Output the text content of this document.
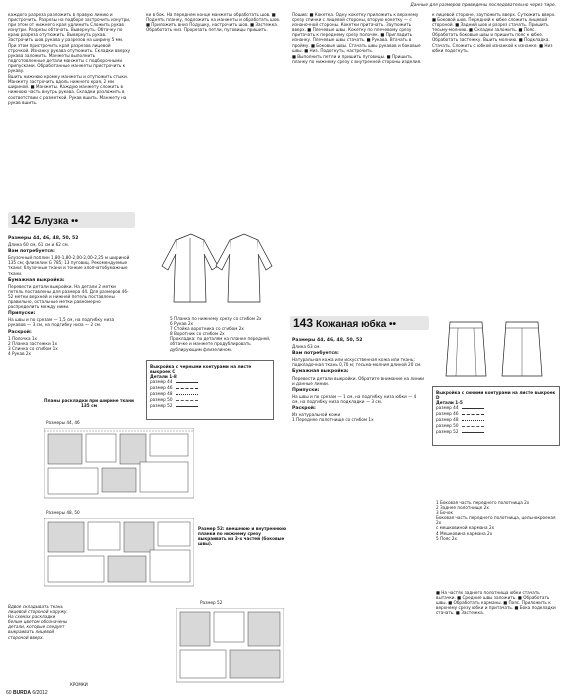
Данные для размеров приведены последовательно через тире.

каждого разреза разложить в правую линию и пристрочить. Разрезы на подборе застрочить изнутри, при этом от нижнего края удлинить Сложить рукав изнутри. Разрезы обтачать. Вывернуть. Обтачку по краю разреза отутюжить. Вывернуть рукав. Застрочить шов рукава у разрезов на ширину 5 мм. При этом пристрочить края разрезов лицевой строчкой. Изнанку рукава отутюжить. Складки вверху рукава заложить. Манжеты выполнить подготовленные детали манжеты с подборочными припусками. Обработанные манжеты пристрочить к рукаву.

Вшить нижнюю кромку манжеты и отутюжить стыки. Манжету застрочить вдоль нижнего края, 2 мм шириной. ■ Манжеты. Каждую манжету сложить в нижнюю часть внутрь рукава. Складки разложить в соответствии с разметкой. Рукав вшить. Манжету на рукав вшить.

142 Блузка ••
Размеры 44, 46, 48, 50, 52

Длина 60 см, 61 см и 62 см.

Вам потребуется:

Блузочный поплин 1,80-1,80-2,00-2,00-2,25 м шириной 135 см; флизелин G 785; 13 пуговиц. Рекомендуемые ткани: блузочные ткани и тонкие хлопчатобумажные ткани.

Бумажная выкройка:

Перевести детали выкройки. На детали 2 метки петель поставлены для размера 44. Для размеров 46-52 метки верхней и нижней петель поставлены правильно, остальные метки равномерно распределить между ними.

Припуски:

На швы и по срезам — 1,5 см, на подгибку низа рукавов — 3 см, на подгибку низа — 2 см.

Раскрой:
1 Полочка 1x
2 Планка застежки 1x
3 Спинка со сгибом 1x
4 Рукав 2x
Планы раскладки при ширине ткани 135 см
Размеры 44, 46
Размеры 48, 50
Вдвое складывать ткань лицевой стороной наружу. На схемах раскладки белым цветом обозначены детали, которые следует выкраивать лицевой стороной вверх.
Размер 52
КРОМКИ

ки в бок. На переднем конце манжеты обработать шов. ■ Поднять планку, подложить на манжеты и обработать шов. ■ Приложить вниз Подушку, настрочить шов. ■ Застежка. Обработать низ. Прорезать петли, пуговицы пришить.

5 Планка по нижнему срезу со сгибом 2x
6 Рукав 2x
7 Стойка воротника со сгибом 2x
8 Воротник со сгибом 2x

Прокладка: по деталям на планке передней, обтачке и манжете продублировать дублирующим флизелином.

Выкройка с черными контурами на листе выкроек C
Детали 1-8
размер 44
размер 46
размер 48
размер 50
размер 52
Размер 52: внешнюю и внутреннюю планки по нижнему срезу выкраивать из 3-х частей (боковые швы).

Пошив: ■ Кокетка. Одну кокетку приложить к верхнему срезу спинки с лицевой стороны, вторую кокетку — с изнаночной стороны. Кокетки притачать. Заутюжить вверх. ■ Плечевые швы. Кокетку по плечевому срезу притачать к переднему срезу полочек. ■ Пригладить изнанку. Плечевые швы стачать. ■ Рукава. Втачать в пройму. ■ Боковые швы. Стачать швы рукавов и боковые швы. ■ Низ. Подогнуть, настрочить.

■ Выполнить петли и пришить пуговицы. ■ Пришить планку по нижнему срезу с внутренней стороны изделия.

143 Кожаная юбка ••
Размеры 44, 46, 48, 50, 52

Длина 63 см.

Вам потребуется:

Натуральная кожа или искусственная кожа или ткань; подкладочная ткань 0,70 м; тесьма-молния длиной 20 см.

Бумажная выкройка:

Перевести детали выкройки. Обратите внимание на линии и данные линии.

Припуски:

На швы и по срезам — 1 см, на подгибку низа юбки — 4 см, на подгибку низа подкладки — 3 см.

Раскрой:
Из натуральной кожи
1 Переднее полотнище со сгибом 1x

к лицевой стороне, заутюжить вверх. Сутюжить вверх. ■ Боковой шов. Передний к юбке сложить лицевой стороной. ■ Задний шов и разрез стачать. Пришить тесьму-молнию. ■ Складки заложить. ■ Пояс. Обработать боковые швы и пришить пояс к юбке. Обработать застежку. Вшить молнию. ■ Подкладка. Стачать. Сложить с юбкой изнанкой к изнанке. ■ Низ юбки подогнуть.

Выкройка с синими контурами на листе выкроек D
Детали 1-5
размер 44
размер 46
размер 48
размер 50
размер 52
1 Боковая часть переднего полотнища 2x
2 Заднее полотнище 2x
3 Бочок
Боковая часть переднего полотнища, цельнокроеная 2x
с мешковиной кармана 2x
4 Мешковина кармана 2x
5 Пояс 2x
■ На частях заднего полотнища юбки стачать вытачки. ■ Средние швы заложить. ■ Обработать швы. ■ Обработать карманы. ■ Пояс. Приложить к верхнему срезу юбки и притачать. ■ Бока подкладки стачать. ■ Застежка.
60 BURDA 6/2012
